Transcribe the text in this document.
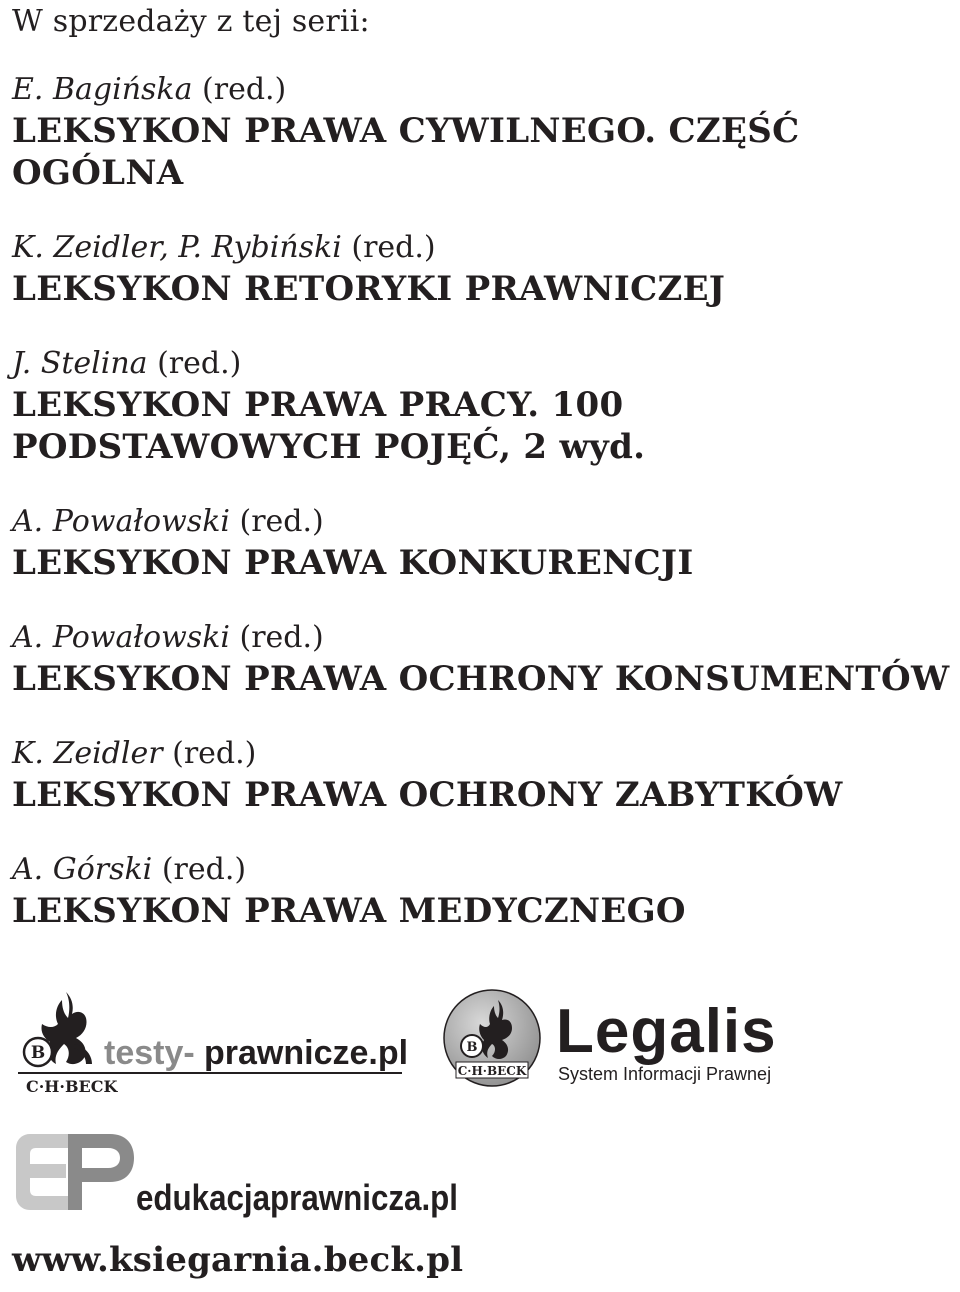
W sprzedaży z tej serii:
E. Bagińska (red.)
LEKSYKON PRAWA CYWILNEGO. CZĘŚĆ OGÓLNA
K. Zeidler, P. Rybiński (red.)
LEKSYKON RETORYKI PRAWNICZEJ
J. Stelina (red.)
LEKSYKON PRAWA PRACY. 100 PODSTAWOWYCH POJĘĆ, 2 wyd.
A. Powałowski (red.)
LEKSYKON PRAWA KONKURENCJI
A. Powałowski (red.)
LEKSYKON PRAWA OCHRONY KONSUMENTÓW
K. Zeidler (red.)
LEKSYKON PRAWA OCHRONY ZABYTKÓW
A. Górski (red.)
LEKSYKON PRAWA MEDYCZNEGO
B testy- prawnicze.pl
C·H·BECK
B
C·H·BECK
Legalis
System Informacji Prawnej
edukacjaprawnicza.pl
www.ksiegarnia.beck.pl
